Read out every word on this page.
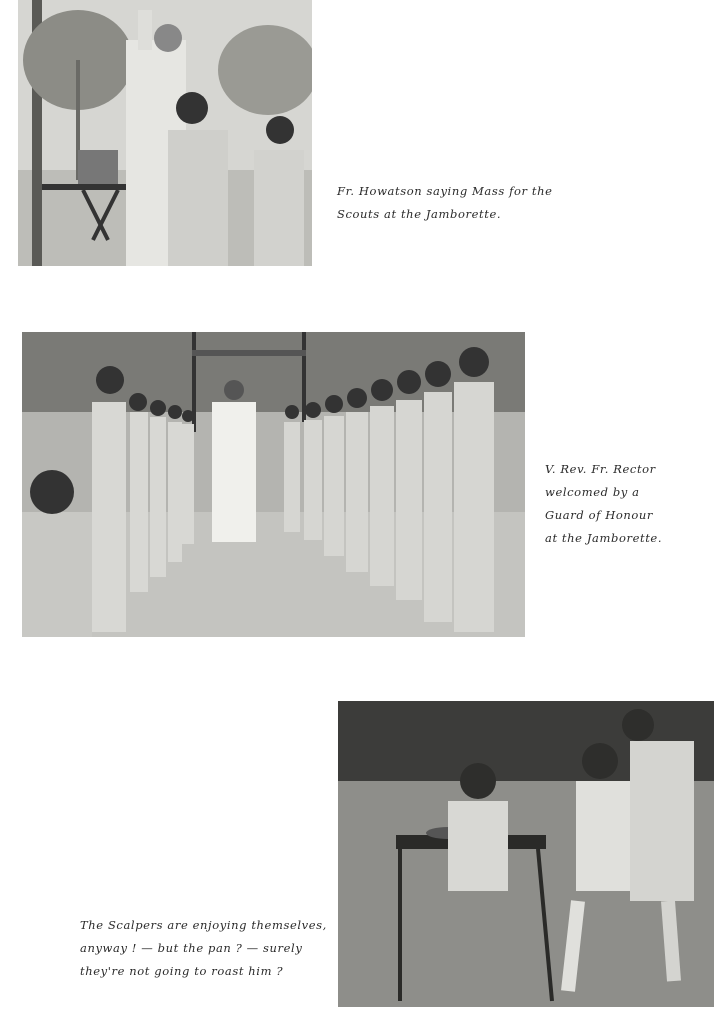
Fr. Howatson saying Mass for the
Scouts at the Jamborette.
V. Rev. Fr. Rector
welcomed by a
Guard of Honour
at the Jamborette.
The Scalpers are enjoying themselves,
anyway ! — but the pan ? — surely
they're not going to roast him ?
